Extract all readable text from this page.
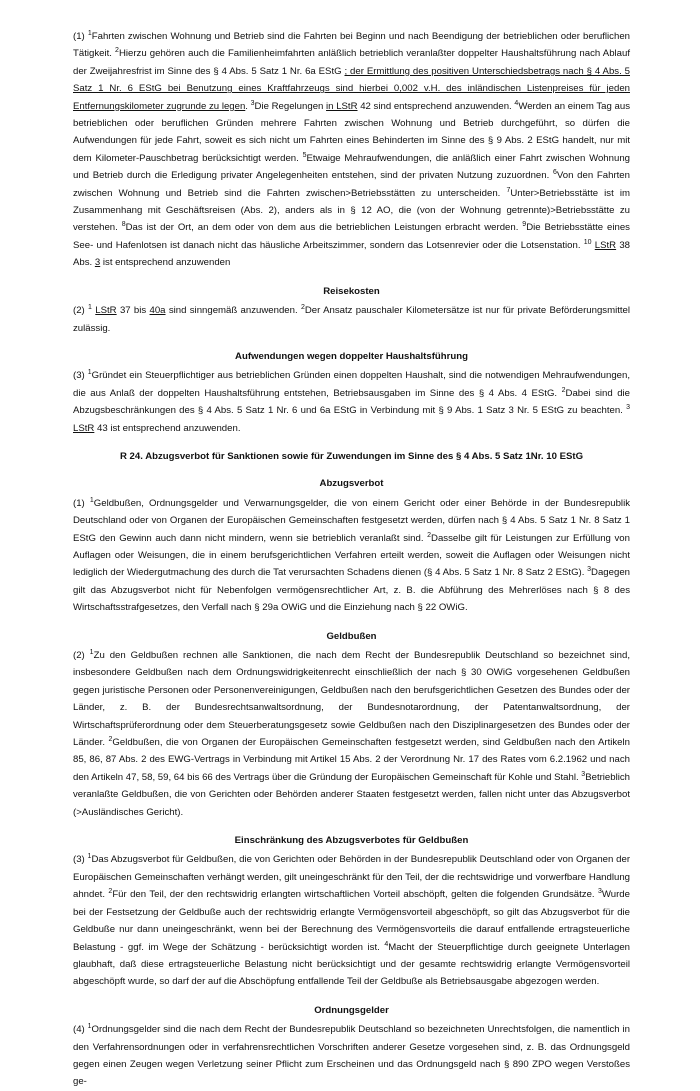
(1) $^1$Fahrten zwischen Wohnung und Betrieb sind die Fahrten bei Beginn und nach Beendigung der betrieblichen oder beruflichen Tätigkeit. $^2$Hierzu gehören auch die Familienheimfahrten anläßlich betrieblich veranlaßter doppelter Haushaltsführung nach Ablauf der Zweijahresfrist im Sinne des § 4 Abs. 5 Satz 1 Nr. 6a EStG ; der Ermittlung des positiven Unterschiedsbetrags nach § 4 Abs. 5 Satz 1 Nr. 6 EStG bei Benutzung eines Kraftfahrzeugs sind hierbei 0,002 v.H. des inländischen Listenpreises für jeden Entfernungskilometer zugrunde zu legen. $^3$Die Regelungen in LStR 42 sind entsprechend anzuwenden. $^4$Werden an einem Tag aus betrieblichen oder beruflichen Gründen mehrere Fahrten zwischen Wohnung und Betrieb durchgeführt, so dürfen die Aufwendungen für jede Fahrt, soweit es sich nicht um Fahrten eines Behinderten im Sinne des § 9 Abs. 2 EStG handelt, nur mit dem Kilometer-Pauschbetrag berücksichtigt werden. $^5$Etwaige Mehraufwendungen, die anläßlich einer Fahrt zwischen Wohnung und Betrieb durch die Erledigung privater Angelegenheiten entstehen, sind der privaten Nutzung zuzuordnen. $^6$Von den Fahrten zwischen Wohnung und Betrieb sind die Fahrten zwischen>Betriebsstätten zu unterscheiden. $^7$Unter>Betriebsstätte ist im Zusammenhang mit Geschäftsreisen (Abs. 2), anders als in § 12 AO, die (von der Wohnung getrennte)>Betriebsstätte zu verstehen. $^8$Das ist der Ort, an dem oder von dem aus die betrieblichen Leistungen erbracht werden. $^9$Die Betriebsstätte eines See- und Hafenlotsen ist danach nicht das häusliche Arbeitszimmer, sondern das Lotsenrevier oder die Lotsenstation. $^{10}$ LStR 38 Abs. 3 ist entsprechend anzuwenden

Reisekosten

(2) $^1$ LStR 37 bis 40a sind sinngemäß anzuwenden. $^2$Der Ansatz pauschaler Kilometersätze ist nur für private Beförderungsmittel zulässig.

Aufwendungen wegen doppelter Haushaltsführung

(3) $^1$Gründet ein Steuerpflichtiger aus betrieblichen Gründen einen doppelten Haushalt, sind die notwendigen Mehraufwendungen, die aus Anlaß der doppelten Haushaltsführung entstehen, Betriebsausgaben im Sinne des § 4 Abs. 4 EStG. $^2$Dabei sind die Abzugsbeschränkungen des § 4 Abs. 5 Satz 1 Nr. 6 und 6a EStG in Verbindung mit § 9 Abs. 1 Satz 3 Nr. 5 EStG zu beachten. $^3$ LStR 43 ist entsprechend anzuwenden.

R 24. Abzugsverbot für Sanktionen sowie für Zuwendungen im Sinne des § 4 Abs. 5 Satz 1Nr. 10 EStG

Abzugsverbot

(1) $^1$Geldbußen, Ordnungsgelder und Verwarnungsgelder, die von einem Gericht oder einer Behörde in der Bundesrepublik Deutschland oder von Organen der Europäischen Gemeinschaften festgesetzt werden, dürfen nach § 4 Abs. 5 Satz 1 Nr. 8 Satz 1 EStG den Gewinn auch dann nicht mindern, wenn sie betrieblich veranlaßt sind. $^2$Dasselbe gilt für Leistungen zur Erfüllung von Auflagen oder Weisungen, die in einem berufsgerichtlichen Verfahren erteilt werden, soweit die Auflagen oder Weisungen nicht lediglich der Wiedergutmachung des durch die Tat verursachten Schadens dienen (§ 4 Abs. 5 Satz 1 Nr. 8 Satz 2 EStG). $^3$Dagegen gilt das Abzugsverbot nicht für Nebenfolgen vermögensrechtlicher Art, z. B. die Abführung des Mehrerlöses nach § 8 des Wirtschaftsstrafgesetzes, den Verfall nach § 29a OWiG und die Einziehung nach § 22 OWiG.

Geldbußen

(2) $^1$Zu den Geldbußen rechnen alle Sanktionen, die nach dem Recht der Bundesrepublik Deutschland so bezeichnet sind, insbesondere Geldbußen nach dem Ordnungswidrigkeitenrecht einschließlich der nach § 30 OWiG vorgesehenen Geldbußen gegen juristische Personen oder Personenvereinigungen, Geldbußen nach den berufsgerichtlichen Gesetzen des Bundes oder der Länder, z. B. der Bundesrechtsanwaltsordnung, der Bundesnotarordnung, der Patentanwaltsordnung, der Wirtschaftsprüferordnung oder dem Steuerberatungsgesetz sowie Geldbußen nach den Disziplinargesetzen des Bundes oder der Länder. $^2$Geldbußen, die von Organen der Europäischen Gemeinschaften festgesetzt werden, sind Geldbußen nach den Artikeln 85, 86, 87 Abs. 2 des EWG-Vertrags in Verbindung mit Artikel 15 Abs. 2 der Verordnung Nr. 17 des Rates vom 6.2.1962 und nach den Artikeln 47, 58, 59, 64 bis 66 des Vertrags über die Gründung der Europäischen Gemeinschaft für Kohle und Stahl. $^3$Betrieblich veranlaßte Geldbußen, die von Gerichten oder Behörden anderer Staaten festgesetzt werden, fallen nicht unter das Abzugsverbot (>Ausländisches Gericht).

Einschränkung des Abzugsverbotes für Geldbußen

(3) $^1$Das Abzugsverbot für Geldbußen, die von Gerichten oder Behörden in der Bundesrepublik Deutschland oder von Organen der Europäischen Gemeinschaften verhängt werden, gilt uneingeschränkt für den Teil, der die rechtswidrige und vorwerfbare Handlung ahndet. $^2$Für den Teil, der den rechtswidrig erlangten wirtschaftlichen Vorteil abschöpft, gelten die folgenden Grundsätze. $^3$Wurde bei der Festsetzung der Geldbuße auch der rechtswidrig erlangte Vermögensvorteil abgeschöpft, so gilt das Abzugsverbot für die Geldbuße nur dann uneingeschränkt, wenn bei der Berechnung des Vermögensvorteils die darauf entfallende ertragsteuerliche Belastung - ggf. im Wege der Schätzung - berücksichtigt worden ist. $^4$Macht der Steuerpflichtige durch geeignete Unterlagen glaubhaft, daß diese ertragsteuerliche Belastung nicht berücksichtigt und der gesamte rechtswidrig erlangte Vermögensvorteil abgeschöpft wurde, so darf der auf die Abschöpfung entfallende Teil der Geldbuße als Betriebsausgabe abgezogen werden.

Ordnungsgelder

(4) $^1$Ordnungsgelder sind die nach dem Recht der Bundesrepublik Deutschland so bezeichneten Unrechtsfolgen, die namentlich in den Verfahrensordnungen oder in verfahrensrechtlichen Vorschriften anderer Gesetze vorgesehen sind, z. B. das Ordnungsgeld gegen einen Zeugen wegen Verletzung seiner Pflicht zum Erscheinen und das Ordnungsgeld nach § 890 ZPO wegen Verstoßes ge-
